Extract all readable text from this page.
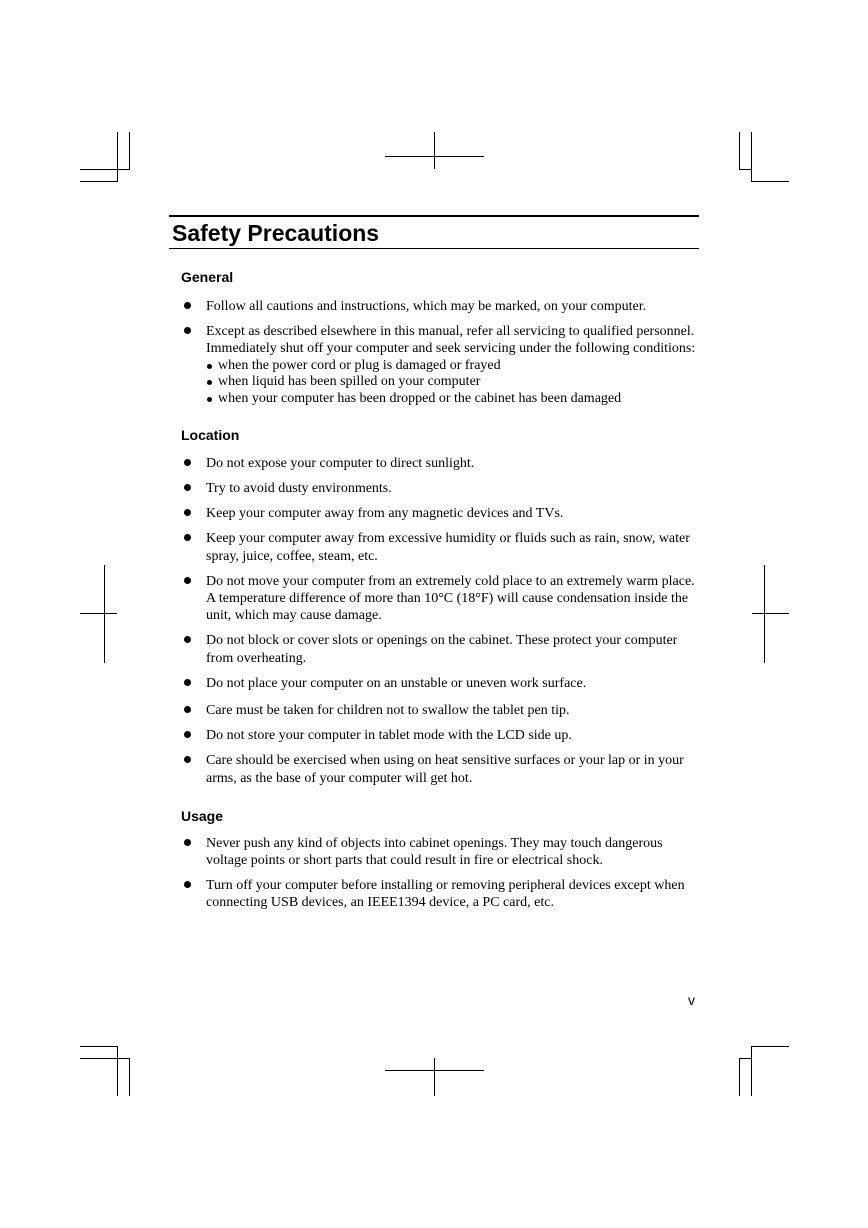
Safety Precautions
General
Follow all cautions and instructions, which may be marked, on your computer.
Except as described elsewhere in this manual, refer all servicing to qualified personnel. Immediately shut off your computer and seek servicing under the following conditions:
when the power cord or plug is damaged or frayed
when liquid has been spilled on your computer
when your computer has been dropped or the cabinet has been damaged
Location
Do not expose your computer to direct sunlight.
Try to avoid dusty environments.
Keep your computer away from any magnetic devices and TVs.
Keep your computer away from excessive humidity or fluids such as rain, snow, water spray, juice, coffee, steam, etc.
Do not move your computer from an extremely cold place to an extremely warm place. A temperature difference of more than 10°C (18°F) will cause condensation inside the unit, which may cause damage.
Do not block or cover slots or openings on the cabinet. These protect your computer from overheating.
Do not place your computer on an unstable or uneven work surface.
Care must be taken for children not to swallow the tablet pen tip.
Do not store your computer in tablet mode with the LCD side up.
Care should be exercised when using on heat sensitive surfaces or your lap or in your arms, as the base of your computer will get hot.
Usage
Never push any kind of objects into cabinet openings. They may touch dangerous voltage points or short parts that could result in fire or electrical shock.
Turn off your computer before installing or removing peripheral devices except when connecting USB devices, an IEEE1394 device, a PC card, etc.
v
